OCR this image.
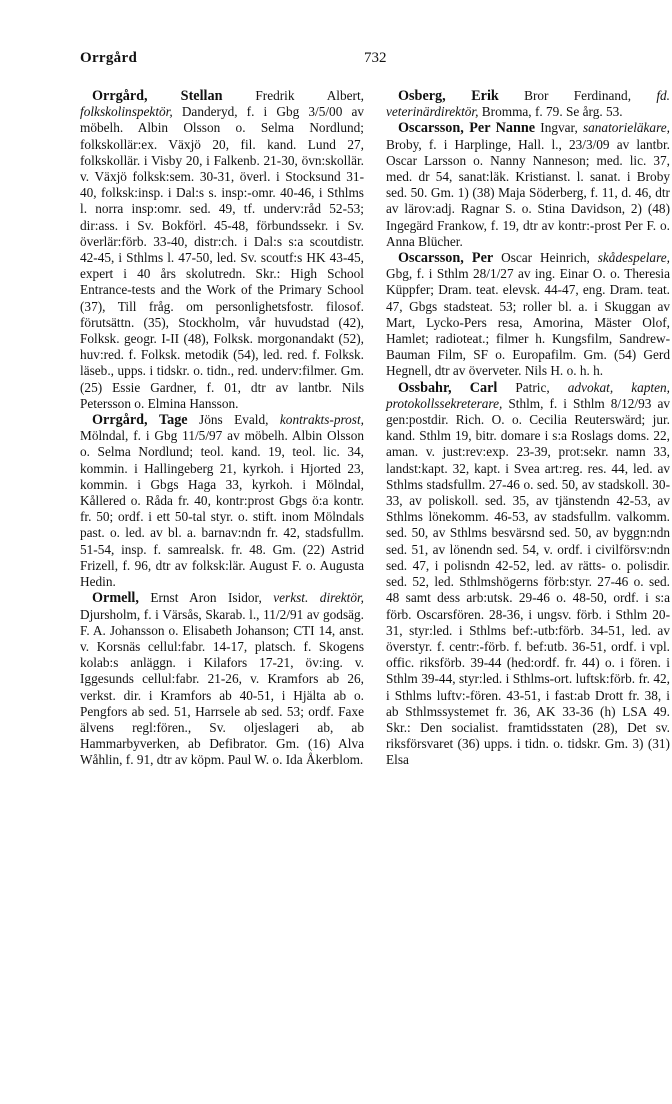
Orrgård	732

Orrgård, Stellan Fredrik Albert, folkskolinspektör, Danderyd, f. i Gbg 3/5/00 av möbelh. Albin Olsson o. Selma Nordlund; folkskollär:ex. Växjö 20, fil. kand. Lund 27, folkskollär. i Visby 20, i Falkenb. 21-30, övn:skollär. v. Växjö folksk:sem. 30-31, överl. i Stocksund 31-40, folksk:insp. i Dal:s s. insp:-omr. 40-46, i Sthlms l. norra insp:omr. sed. 49, tf. underv:råd 52-53; dir:ass. i Sv. Bokförl. 45-48, förbundssekr. i Sv. överlär:förb. 33-40, distr:ch. i Dal:s s:a scoutdistr. 42-45, i Sthlms l. 47-50, led. Sv. scoutf:s HK 43-45, expert i 40 års skolutredn. Skr.: High School Entrance-tests and the Work of the Primary School (37), Till fråg. om personlighetsfostr. filosof. förutsättn. (35), Stockholm, vår huvudstad (42), Folksk. geogr. I-II (48), Folksk. morgonandakt (52), huv:red. f. Folksk. metodik (54), led. red. f. Folksk. läseb., upps. i tidskr. o. tidn., red. underv:filmer. Gm. (25) Essie Gardner, f. 01, dtr av lantbr. Nils Petersson o. Elmina Hansson.

Orrgård, Tage Jöns Evald, kontrakts-prost, Mölndal, f. i Gbg 11/5/97 av möbelh. Albin Olsson o. Selma Nordlund; teol. kand. 19, teol. lic. 34, kommin. i Hallingeberg 21, kyrkoh. i Hjorted 23, kommin. i Gbgs Haga 33, kyrkoh. i Mölndal, Kållered o. Råda fr. 40, kontr:prost Gbgs ö:a kontr. fr. 50; ordf. i ett 50-tal styr. o. stift. inom Mölndals past. o. led. av bl. a. barnav:ndn fr. 42, stadsfullm. 51-54, insp. f. samrealsk. fr. 48. Gm. (22) Astrid Frizell, f. 96, dtr av folksk:lär. August F. o. Augusta Hedin.

Ormell, Ernst Aron Isidor, verkst. direktör, Djursholm, f. i Värsås, Skarab. l., 11/2/91 av godsäg. F. A. Johansson o. Elisabeth Johanson; CTI 14, anst. v. Korsnäs cellul:fabr. 14-17, platsch. f. Skogens kolab:s anläggn. i Kilafors 17-21, öv:ing. v. Iggesunds cellul:fabr. 21-26, v. Kramfors ab 26, verkst. dir. i Kramfors ab 40-51, i Hjälta ab o. Pengfors ab sed. 51, Harrsele ab sed. 53; ordf. Faxe älvens regl:fören., Sv. oljeslageri ab, ab Hammarbyverken, ab Defibrator. Gm. (16) Alva Wåhlin, f. 91, dtr av köpm. Paul W. o. Ida Åkerblom.

Osberg, Erik Bror Ferdinand, fd. veterinärdirektör, Bromma, f. 79. Se årg. 53.

Oscarsson, Per Nanne Ingvar, sanatorieläkare, Broby, f. i Harplinge, Hall. l., 23/3/09 av lantbr. Oscar Larsson o. Nanny Nanneson; med. lic. 37, med. dr 54, sanat:läk. Kristianst. l. sanat. i Broby sed. 50. Gm. 1) (38) Maja Söderberg, f. 11, d. 46, dtr av lärov:adj. Ragnar S. o. Stina Davidson, 2) (48) Ingegärd Frankow, f. 19, dtr av kontr:-prost Per F. o. Anna Blücher.

Oscarsson, Per Oscar Heinrich, skådespelare, Gbg, f. i Sthlm 28/1/27 av ing. Einar O. o. Theresia Küppfer; Dram. teat. elevsk. 44-47, eng. Dram. teat. 47, Gbgs stadsteat. 53; roller bl. a. i Skuggan av Mart, Lycko-Pers resa, Amorina, Mäster Olof, Hamlet; radioteat.; filmer h. Kungsfilm, Sandrew-Bauman Film, SF o. Europafilm. Gm. (54) Gerd Hegnell, dtr av överveter. Nils H. o. h. h.

Ossbahr, Carl Patric, advokat, kapten, protokollssekreterare, Sthlm, f. i Sthlm 8/12/93 av gen:postdir. Rich. O. o. Cecilia Reuterswärd; jur. kand. Sthlm 19, bitr. domare i s:a Roslags doms. 22, aman. v. just:rev:exp. 23-39, prot:sekr. namn 33, landst:kapt. 32, kapt. i Svea art:reg. res. 44, led. av Sthlms stadsfullm. 27-46 o. sed. 50, av stadskoll. 30-33, av poliskoll. sed. 35, av tjänstendn 42-53, av Sthlms lönekomm. 46-53, av stadsfullm. valkomm. sed. 50, av Sthlms besvärsnd sed. 50, av byggn:ndn sed. 51, av lönendn sed. 54, v. ordf. i civilförsv:ndn sed. 47, i polisndn 42-52, led. av rätts- o. polisdir. sed. 52, led. Sthlmshögerns förb:styr. 27-46 o. sed. 48 samt dess arb:utsk. 29-46 o. 48-50, ordf. i s:a förb. Oscarsfören. 28-36, i ungsv. förb. i Sthlm 20-31, styr:led. i Sthlms bef:-utb:förb. 34-51, led. av överstyr. f. centr:-förb. f. bef:utb. 36-51, ordf. i vpl. offic. riksförb. 39-44 (hed:ordf. fr. 44) o. i fören. i Sthlm 39-44, styr:led. i Sthlms-ort. luftsk:förb. fr. 42, i Sthlms luftv:-fören. 43-51, i fast:ab Drott fr. 38, i ab Sthlmssystemet fr. 36, AK 33-36 (h) LSA 49. Skr.: Den socialist. framtidsstaten (28), Det sv. riksförsvaret (36) upps. i tidn. o. tidskr. Gm. 3) (31) Elsa
